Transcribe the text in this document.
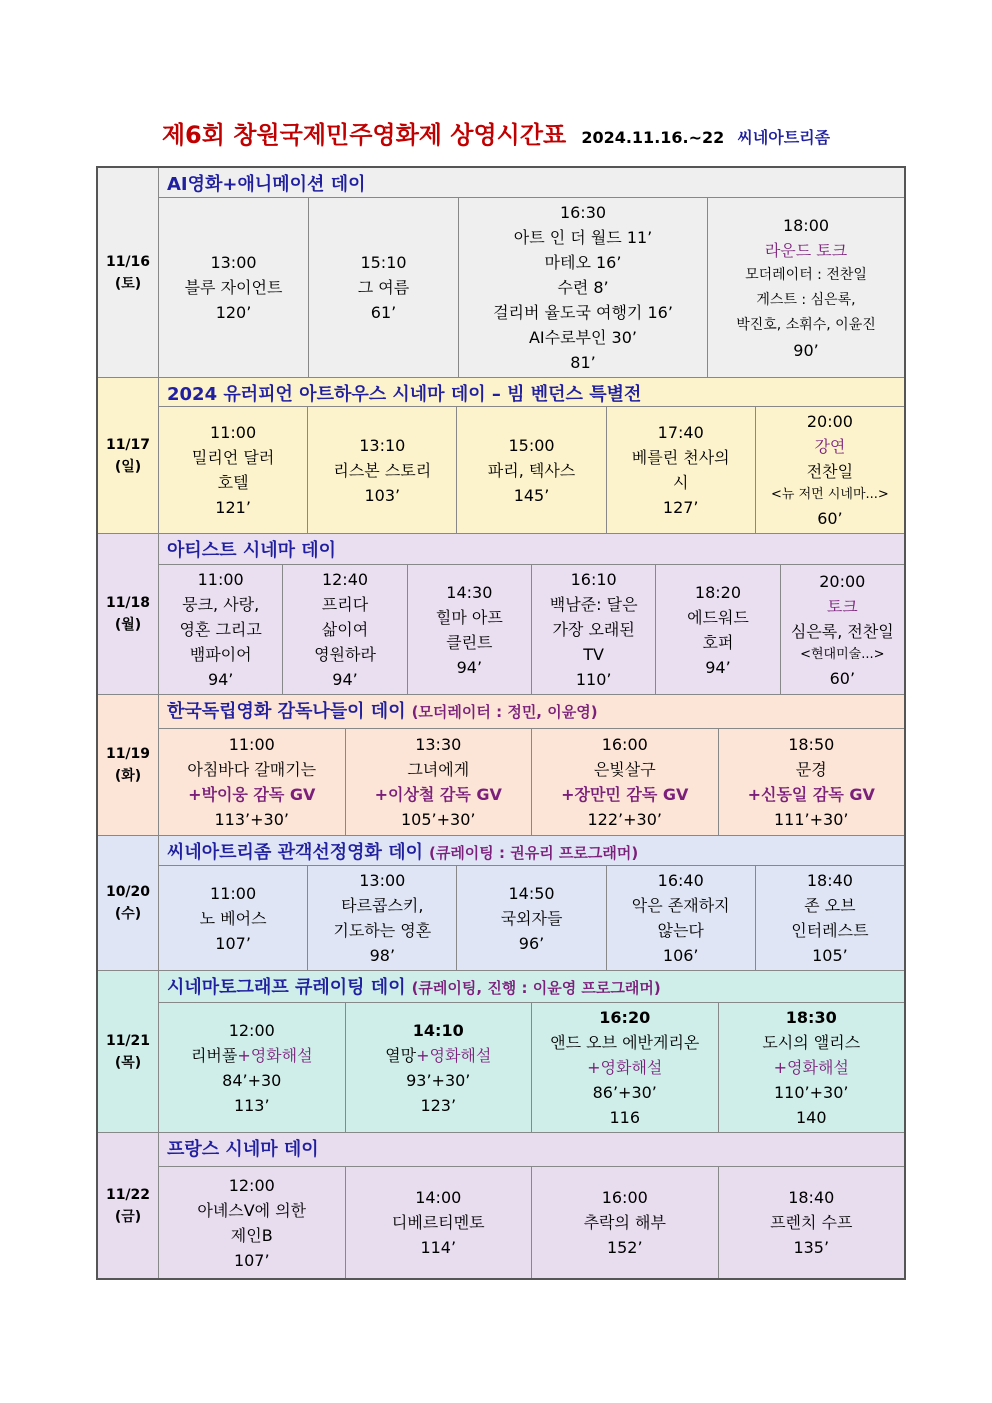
제6회 창원국제민주영화제 상영시간표 2024.11.16.~22 씨네아트리좀
11/16
(토)
AI영화+애니메이션 데이
13:00
블루 자이언트
120’
15:10
그 여름
61’
16:30
아트 인 더 월드 11’
마테오 16’
수련 8’
걸리버 율도국 여행기 16’
AI수로부인 30’
81’
18:00
라운드 토크
모더레이터 : 전찬일
게스트 : 심은록,
박진호, 소휘수, 이윤진
90’
11/17
(일)
2024 유러피언 아트하우스 시네마 데이 – 빔 벤던스 특별전
11:00
밀리언 달러
호텔
121’
13:10
리스본 스토리
103’
15:00
파리, 텍사스
145’
17:40
베를린 천사의
시
127’
20:00
강연
전찬일
<뉴 저먼 시네마...>
60’
11/18
(월)
아티스트 시네마 데이
11:00
뭉크, 사랑,
영혼 그리고
뱀파이어
94’
12:40
프리다
삶이여
영원하라
94’
14:30
힐마 아프
클린트
94’
16:10
백남준: 달은
가장 오래된
TV
110’
18:20
에드워드
호퍼
94’
20:00
토크
심은록, 전찬일
<현대미술...>
60’
11/19
(화)
한국독립영화 감독나들이 데이 (모더레이터 : 정민, 이윤영)
11:00
아침바다 갈매기는
+박이웅 감독 GV
113’+30’
13:30
그녀에게
+이상철 감독 GV
105’+30’
16:00
은빛살구
+장만민 감독 GV
122’+30’
18:50
문경
+신동일 감독 GV
111’+30’
10/20
(수)
씨네아트리좀 관객선정영화 데이 (큐레이팅 : 권유리 프로그래머)
11:00
노 베어스
107’
13:00
타르콥스키,
기도하는 영혼
98’
14:50
국외자들
96’
16:40
악은 존재하지
않는다
106’
18:40
존 오브
인터레스트
105’
11/21
(목)
시네마토그래프 큐레이팅 데이 (큐레이팅, 진행 : 이윤영 프로그래머)
12:00
리버풀+영화해설
84’+30
113’
14:10
열망+영화해설
93’+30’
123’
16:20
앤드 오브 에반게리온
+영화해설
86’+30’
116
18:30
도시의 앨리스
+영화해설
110’+30’
140
11/22
(금)
프랑스 시네마 데이
12:00
아녜스V에 의한
제인B
107’
14:00
디베르티멘토
114’
16:00
추락의 해부
152’
18:40
프렌치 수프
135’
